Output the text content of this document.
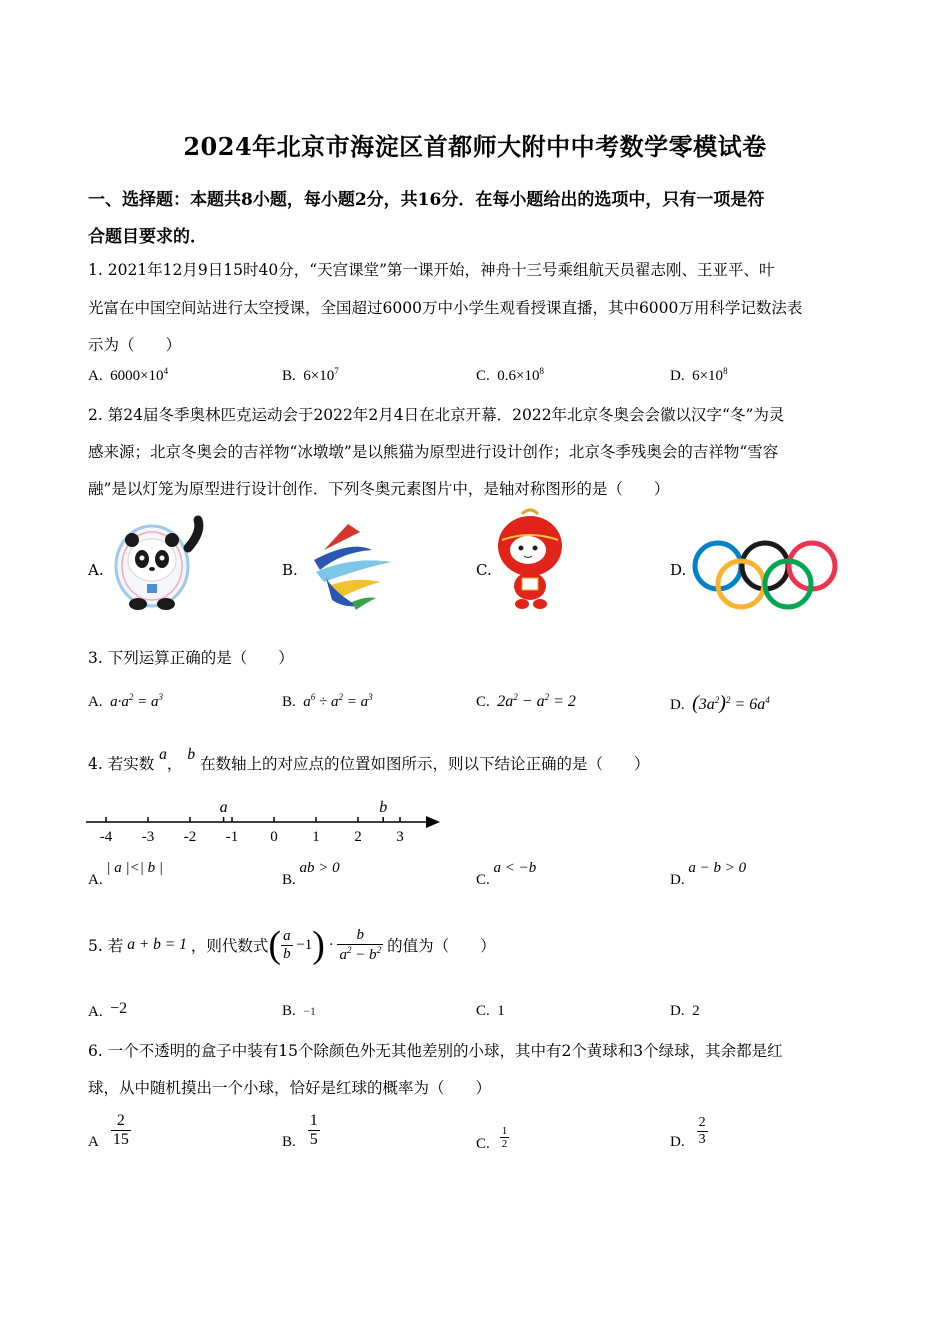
2024年北京市海淀区首都师大附中中考数学零模试卷
一、选择题：本题共8小题，每小题2分，共16分．在每小题给出的选项中，只有一项是符
合题目要求的．
1. 2021年12月9日15时40分，“天宫课堂”第一课开始，神舟十三号乘组航天员翟志刚、王亚平、叶
光富在中国空间站进行太空授课，全国超过6000万中小学生观看授课直播，其中6000万用科学记数法表
示为（　　）
A. $6000\times 10^4$	B. $6\times 10^7$	C. $0.6\times 10^8$	D. $6\times 10^8$
2. 第24届冬季奥林匹克运动会于2022年2月4日在北京开幕．2022年北京冬奥会会徽以汉字“冬”为灵
感来源；北京冬奥会的吉祥物“冰墩墩”是以熊猫为原型进行设计创作；北京冬季残奥会的吉祥物“雪容
融”是以灯笼为原型进行设计创作．下列冬奥元素图片中，是轴对称图形的是（　　）
A.	B.	C.	D.
3. 下列运算正确的是（　　）
A. $a\cdot a^2 = a^3$	B. $a^6 \div a^2 = a^3$	C. $2a^2 - a^2 = 2$	D. $(3a^2)^2 = 6a^4$
4. 若实数 a， b 在数轴上的对应点的位置如图所示，则以下结论正确的是（　　）
-4 -3 -2 -1 0 1 2 3
a	b
A. | a |<| b |
B. ab > 0
C. a < −b
D. a − b > 0
5. 若 a + b = 1 ，则代数式 ( $\frac{a}{b} -1$ ) · $\frac{b}{a^2 - b^2}$ 的值为（　　）
A. −2	B. −1	C. 1	D. 2
6. 一个不透明的盒子中装有15个除颜色外无其他差别的小球，其中有2个黄球和3个绿球，其余都是红
球，从中随机摸出一个小球，恰好是红球的概率为（　　）
A $\frac{2}{15}$	B. $\frac{1}{5}$	C. $\frac{1}{2}$	D. $\frac{2}{3}$
